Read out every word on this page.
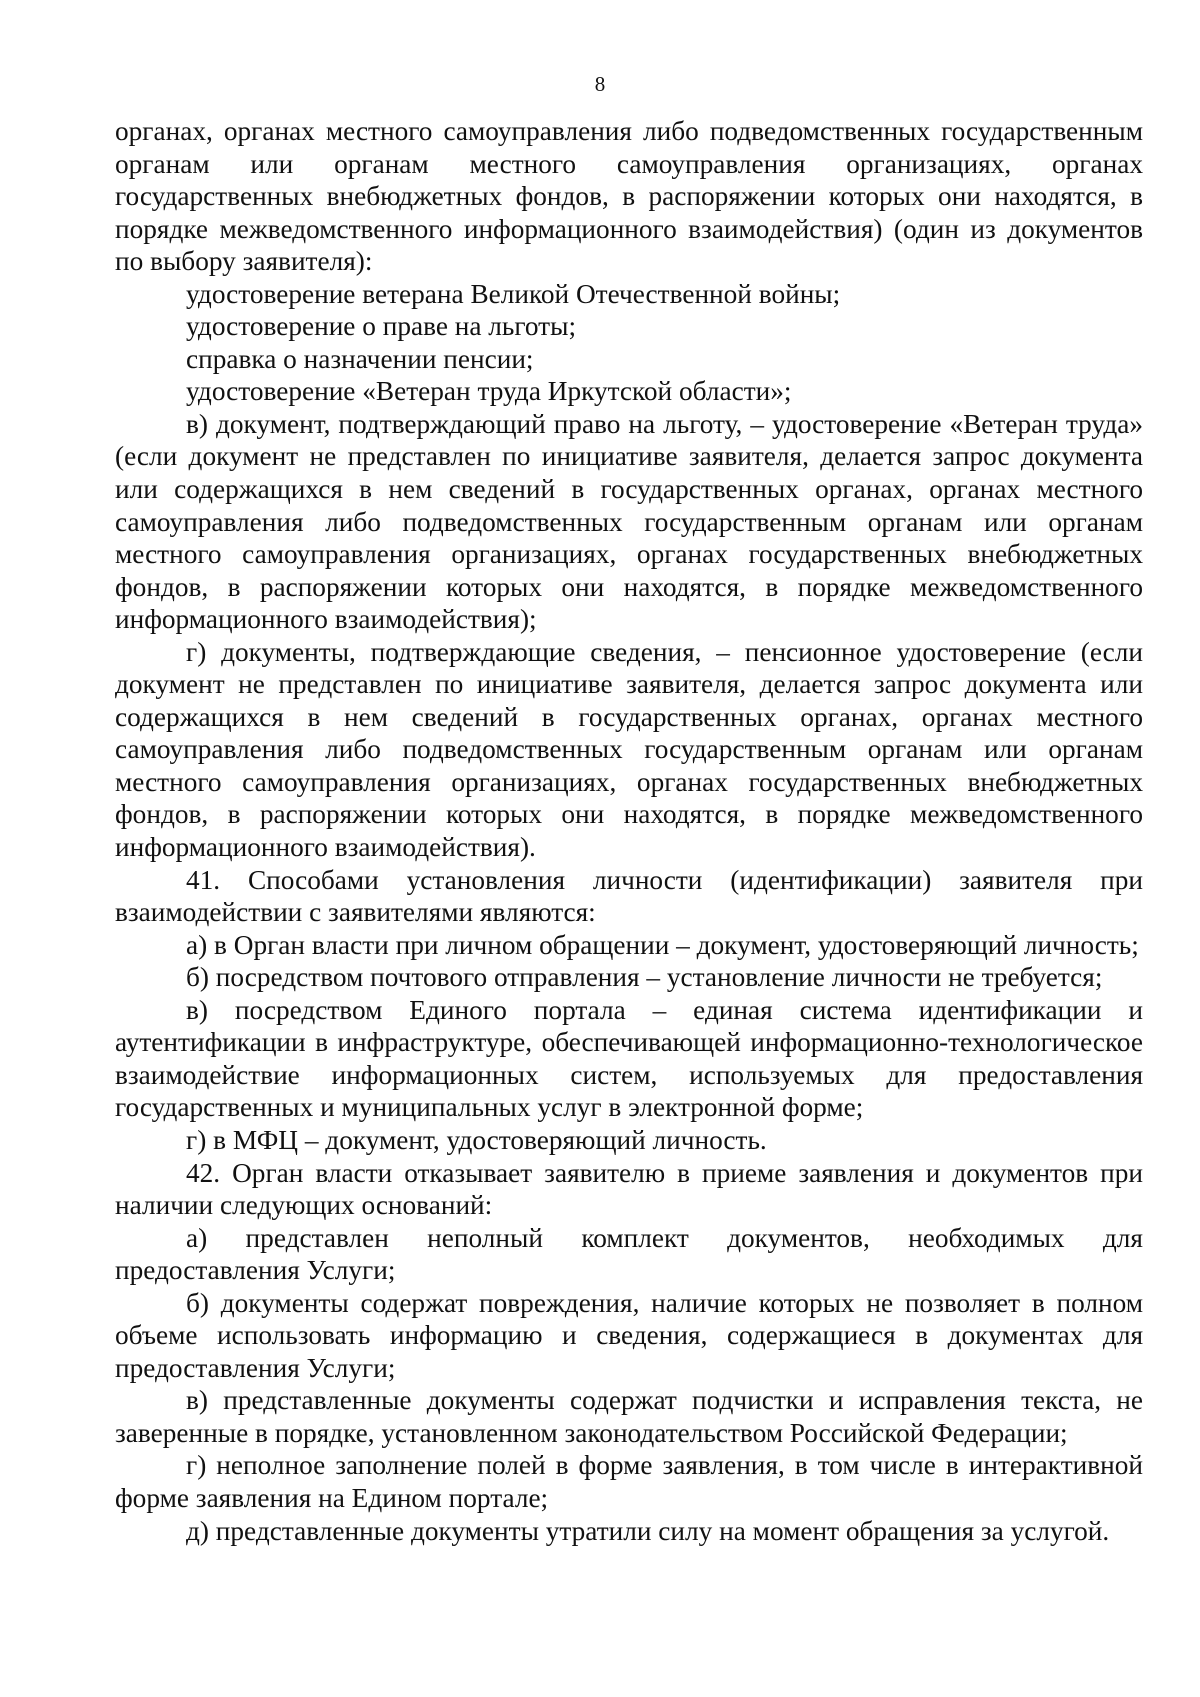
8

органах, органах местного самоуправления либо подведомственных государственным органам или органам местного самоуправления организациях, органах государственных внебюджетных фондов, в распоряжении которых они находятся, в порядке межведомственного информационного взаимодействия) (один из документов по выбору заявителя):

удостоверение ветерана Великой Отечественной войны;

удостоверение о праве на льготы;

справка о назначении пенсии;

удостоверение «Ветеран труда Иркутской области»;

в) документ, подтверждающий право на льготу, – удостоверение «Ветеран труда» (если документ не представлен по инициативе заявителя, делается запрос документа или содержащихся в нем сведений в государственных органах, органах местного самоуправления либо подведомственных государственным органам или органам местного самоуправления организациях, органах государственных внебюджетных фондов, в распоряжении которых они находятся, в порядке межведомственного информационного взаимодействия);

г) документы, подтверждающие сведения, – пенсионное удостоверение (если документ не представлен по инициативе заявителя, делается запрос документа или содержащихся в нем сведений в государственных органах, органах местного самоуправления либо подведомственных государственным органам или органам местного самоуправления организациях, органах государственных внебюджетных фондов, в распоряжении которых они находятся, в порядке межведомственного информационного взаимодействия).

41. Способами установления личности (идентификации) заявителя при взаимодействии с заявителями являются:

а) в Орган власти при личном обращении – документ, удостоверяющий личность;

б) посредством почтового отправления – установление личности не требуется;

в) посредством Единого портала – единая система идентификации и аутентификации в инфраструктуре, обеспечивающей информационно-технологическое взаимодействие информационных систем, используемых для предоставления государственных и муниципальных услуг в электронной форме;

г) в МФЦ – документ, удостоверяющий личность.

42. Орган власти отказывает заявителю в приеме заявления и документов при наличии следующих оснований:

а) представлен неполный комплект документов, необходимых для предоставления Услуги;

б) документы содержат повреждения, наличие которых не позволяет в полном объеме использовать информацию и сведения, содержащиеся в документах для предоставления Услуги;

в) представленные документы содержат подчистки и исправления текста, не заверенные в порядке, установленном законодательством Российской Федерации;

г) неполное заполнение полей в форме заявления, в том числе в интерактивной форме заявления на Едином портале;

д) представленные документы утратили силу на момент обращения за услугой.
